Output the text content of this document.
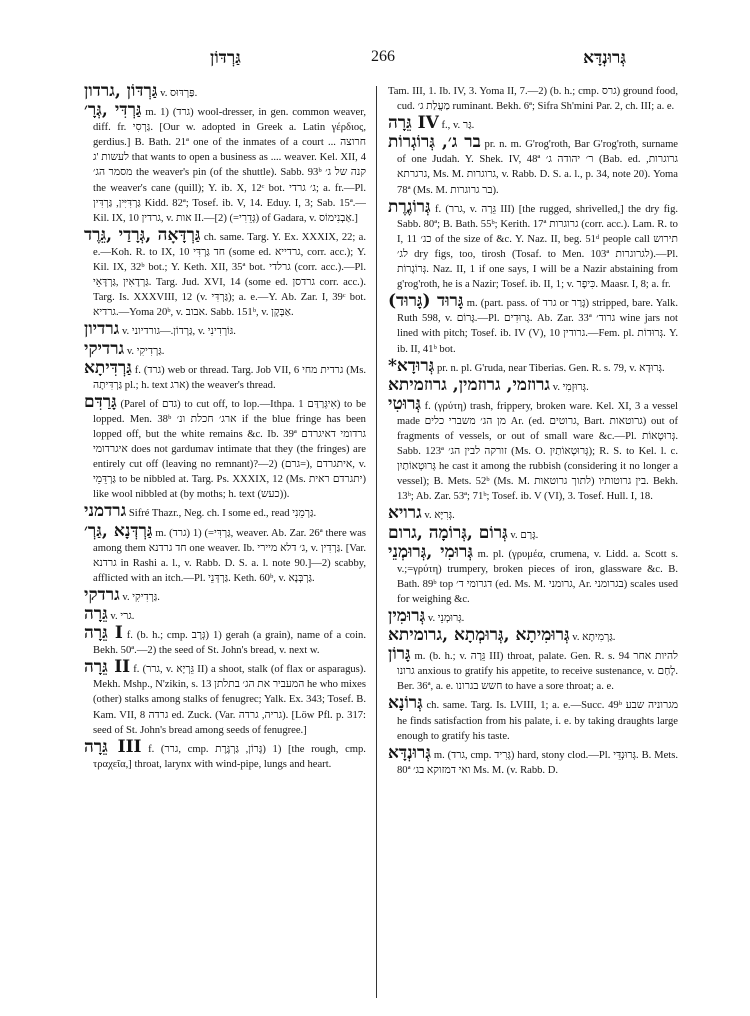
גַּרְדּוֹן	266	גְּרוּנְדָּא

גַּרְדּוֹן ,גרדון v. פַּרְדּוּס.

גַּרְדִּי ,גְּרָ׳ m. 1) (גרד) wool-dresser, in gen. common weaver, diff. fr. גַּרְסִי. [Our w. adopted in Greek a. Latin γέρδιος, gerdius.] B. Bath. 21ª one of the inmates of a court ... חרוצה לעשות 'ג that wants to open a business as .... weaver. Kel. XII, 4 מסמר הג׳ the weaver's pin (of the shuttle). Sabb. 93ᵇ קנה של ג׳ the weaver's cane (quill); Y. ib. X, 12ᶜ bot. ג׳ גרדי; a. fr.—Pl. גַּרְדִּיִּין, גַּרְדִּין Kidd. 82ª; Tosef. ib. V, 14. Eduy. I, 3; Sab. 15ª.—Kil. IX, 10 גרדין, v. אות II.—[2) (=גְּדֵרִי) of Gadara, v. אַבְנִימוֹס.]

גַּרְדָּאָה ,גְּרָדַי ,גֵּרֶד ch. same. Targ. Y. Ex. XXXIX, 22; a. e.—Koh. R. to IX, 10 חד גַּרְדִּי (some ed. גרדייא, corr. acc.); Y. Kil. IX, 32ᵇ bot.; Y. Keth. XII, 35ª bot. גרלדי (corr. acc.).—Pl. גַּרְדָאִין ,גַּרְדָּאֵי. Targ. Jud. XVI, 14 (some ed. גרדסן corr. acc.). Targ. Is. XXXVIII, 12 (v. גַּרְדִּי); a. e.—Y. Ab. Zar. I, 39ᶜ bot. גרדיא.—Yoma 20ᵇ, v. אבוב. Sabb. 151ᵇ, v. אַבְּקָן.

גרדיון v. גַּרְדוֹן.—גורדיוני, v. גּוֹרְדִינִי.

גרדיקי v. גַּרְדִיקִי.

גַּרְדִּיתָא f. (גרד) web or thread. Targ. Job VII, 6 גרדית מחי (Ms. גַּרְדִּיתָה pl.; h. text ארג) the weaver's thread.

גָּרַדִּם (Parel of גדם) to cut off, to lop.—Ithpa. אִיגְּרַדַּם 1) to be lopped. Men. 38ᵇ ארג׳ חכלת ונ׳ if the blue fringe has been lopped off, but the white remains &c. Ib. 39ª גרדומי דאיגרדם איגרדומי does not gardumav intimate that they (the fringes) are entirely cut off (leaving no remnant)?—2) (גרם=), איתגרדם, v. גַּרְדֵּמֵי to be nibbled at. Targ. Ps. XXXIX, 12 (Ms. יתגרדם ראית) like wool nibbled at (by moths; h. text (כעש)).

גרדמני Sifré Thazr., Neg. ch. I some ed., read גַּרְמֵנִי.

גַּרְדְּנָא ,גַּרְ׳ m. (גרד) 1) (=גַּרְדִּי, weaver. Ab. Zar. 26ª there was among them חד גרדנא one weaver. Ib. ג׳ דלא מיירי, v. גַּרְדִין. [Var. גרדנא in Rashi a. l., v. Rabb. D. S. a. l. note 90.]—2) scabby, afflicted with an itch.—Pl. גַּרְדְּנֵי. Keth. 60ᵇ, v. גַּרְבְּנָא.

גרדקי v. גַּרְדִיקִי.

גֵּרָה v. גרי.

גֵּרָה I f. (b. h.; cmp. גְּרָב) 1) gerah (a grain), name of a coin. Bekh. 50ª.—2) the seed of St. John's bread, v. next w.

גֵּרָה II f. (גרר, v. גֵּרְיָא II) a shoot, stalk (of flax or asparagus). Mekh. Mshp., N'zikin, s. 13 המעביר את הג׳ בתלתן he who mixes (other) stalks among stalks of fenugrec; Yalk. Ex. 343; Tosef. B. Kam. VII, 8 גרדה ed. Zuck. (Var. גריה, גרדה). [Löw Pfl. p. 317: seed of St. John's bread among seeds of fenugree.]

גֵּרָה III f. (גרר, cmp. גָּרוֹן, גַּרְגֶּרֶת) 1) [the rough, cmp. τραχεῖα,] throat, larynx with wind-pipe, lungs and heart.

Tam. III, 1. Ib. IV, 3. Yoma II, 7.—2) (b. h.; cmp. גרס) ground food, cud. מַעֲלַת ג׳ ruminant. Bekh. 6ª; Sifra Sh'mini Par. 2, ch. III; a. e.

גֵּרָה IV f., v. גַּר.

בר ג׳, גְּרוֹגְרוֹת pr. n. m. G'rog'roth, Bar G'rog'roth, surname of one Judah. Y. Shek. IV, 48ª ר׳ יהודה ג׳ (Bab. ed. גרוגרות, גרגרתא, Ms. M. גרוגרות, v. Rabb. D. S. a. l., p. 34, note 20). Yoma 78ª (Ms. M. בר גרוגרות).

גְּרוֹגֶרֶת f. (גרר, v. גֵּרָה III) [the rugged, shrivelled,] the dry fig. Sabb. 80ª; B. Bath. 55ᵇ; Kerith. 17ª גרוגרות (corr. acc.). Lam. R. to I, 11 כג׳ of the size of &c. Y. Naz. II, beg. 51ᵈ people call תירוש לג׳ dry figs, too, tirosh (Tosaf. to Men. 103ª לגרוגרות).—Pl. גְּרוֹגָרוֹת. Naz. II, 1 if one says, I will be a Nazir abstaining from g'rog'roth, he is a Nazir; Tosef. ib. II, 1; v. כִּיפָר. Maasr. I, 8; a. fr.

(גָּרוּד) גָּרוּד m. (part. pass. of גרד or גָּרַר) stripped, bare. Yalk. Ruth 598, v. גָּרוֹם.—Pl. גְּרוּדִים. Ab. Zar. 33ª גרוד׳ wine jars not lined with pitch; Tosef. ib. IV (V), 10 גרודין.—Fem. pl. גְּרוּדוֹת. Y. ib. II, 41ᵇ bot.

*גְּרוּדָא pr. n. pl. G'ruda, near Tiberias. Gen. R. s. 79, v. גְּרוּדָא.

גרוזמי, גרוזמין, גרוזמיתא v. גְּרוּזְמִי.

גְּרוּטִי f. (γρύτη) trash, frippery, broken ware. Kel. XI, 3 a vessel made מן הג׳ משברי כלים Ar. (ed. גרוטים, Bart. גרוטאות) out of fragments of vessels, or out of small ware &c.—Pl. גְּרוּטָאוֹת. Sabb. 123ª זורקה לבין הג׳ (Ms. O. גְּרוּטְאוֹתַיִן); R. S. to Kel. l. c. גְּרוּטְאוֹתַיִן he cast it among the rubbish (considering it no longer a vessel); B. Mets. 52ᵇ (Ms. M. לתוך גרוטאות) בין גרוטותיו. Bekh. 13ᵇ; Ab. Zar. 53ª; 71ᵇ; Tosef. ib. V (VI), 3. Tosef. Hull. I, 18.

גרויא v. גְּרִיָּא.

גְּרוֹם ,גְּרוֹמָה ,גרום v. גָּרַם.

גְּרוּמִי ,גְּרוּמְנֵי m. pl. (γρυμέα, crumena, v. Lidd. a. Scott s. v.;=γρύτη) trumpery, broken pieces of iron, glassware &c. B. Bath. 89ᵇ top דגרומי ד׳ (ed. Ms. M. גרומני, Ar. בגרומני) scales used for weighing &c.

גְּרוּמִין v. גְּרוּמְנֵי.

גְּרוּמִיתָא ,גְּרוּמְתָא ,גרומיתא v. גַּרְמִיתָא.

גָּרוֹן m. (b. h.; v. גֵּרָה III) throat, palate. Gen. R. s. 94 להיות אחר גרונו anxious to gratify his appetite, to receive sustenance, v. לָחַם. Ber. 36ª, a. e. חשש בגרונו to have a sore throat; a. e.

גְּרוֹנָא ch. same. Targ. Is. LVIII, 1; a. e.—Succ. 49ᵇ מגרוניה שבע he finds satisfaction from his palate, i. e. by taking draughts large enough to gratify his taste.

גְּרוּנְדָּא m. (גרד, cmp. גְּרִיד) hard, stony clod.—Pl. גְּרוּנְדֵּי. B. Mets. 80ª ואי דמזוקא בג׳ Ms. M. (v. Rabb. D.
